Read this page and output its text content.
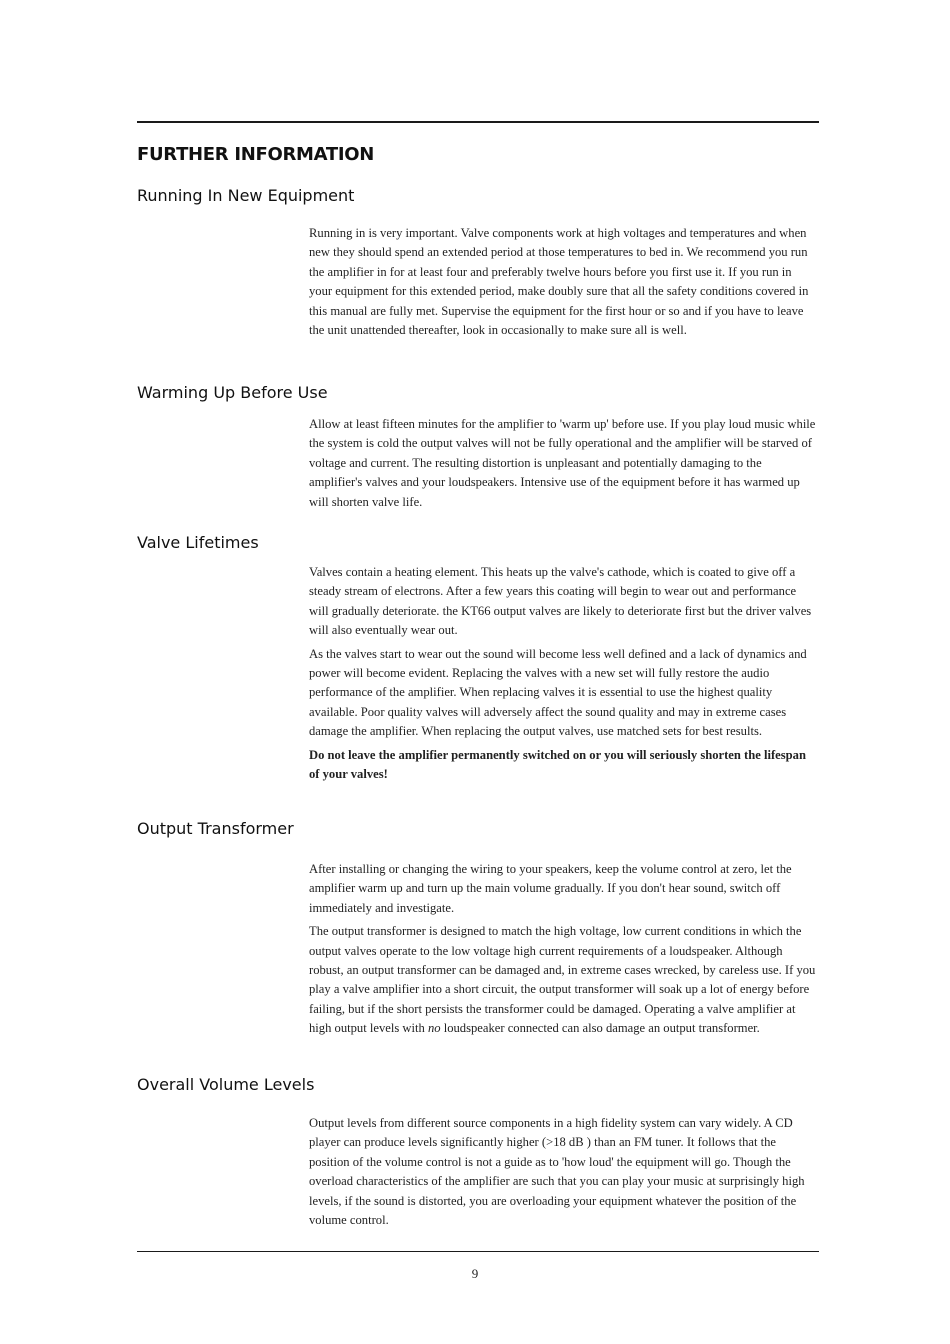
FURTHER INFORMATION
Running In New Equipment

Running in is very important. Valve components work at high voltages and temperatures and when new they should spend an extended period at those temperatures to bed in. We recommend you run the amplifier in for at least four and preferably twelve hours before you first use it. If you run in your equipment for this extended period, make doubly sure that all the safety conditions covered in this manual are fully met. Supervise the equipment for the first hour or so and if you have to leave the unit unattended thereafter, look in occasionally to make sure all is well.

Warming Up Before Use

Allow at least fifteen minutes for the amplifier to 'warm up' before use. If you play loud music while the system is cold the output valves will not be fully operational and the amplifier will be starved of voltage and current. The resulting distortion is unpleasant and potentially damaging to the amplifier's valves and your loudspeakers. Intensive use of the equipment before it has warmed up will shorten valve life.

Valve Lifetimes

Valves contain a heating element. This heats up the valve's cathode, which is coated to give off a steady stream of electrons. After a few years this coating will begin to wear out and performance will gradually deteriorate. the KT66 output valves are likely to deteriorate first but the driver valves will also eventually wear out.

As the valves start to wear out the sound will become less well defined and a lack of dynamics and power will become evident. Replacing the valves with a new set will fully restore the audio performance of the amplifier. When replacing valves it is essential to use the highest quality available. Poor quality valves will adversely affect the sound quality and may in extreme cases damage the amplifier. When replacing the output valves, use matched sets for best results.

Do not leave the amplifier permanently switched on or you will seriously shorten the lifespan of your valves!

Output Transformer

After installing or changing the wiring to your speakers, keep the volume control at zero, let the amplifier warm up and turn up the main volume gradually. If you don't hear sound, switch off immediately and investigate.

The output transformer is designed to match the high voltage, low current conditions in which the output valves operate to the low voltage high current requirements of a loudspeaker. Although robust, an output transformer can be damaged and, in extreme cases wrecked, by careless use. If you play a valve amplifier into a short circuit, the output transformer will soak up a lot of energy before failing, but if the short persists the transformer could be damaged. Operating a valve amplifier at high output levels with no loudspeaker connected can also damage an output transformer.

Overall Volume Levels

Output levels from different source components in a high fidelity system can vary widely. A CD player can produce levels significantly higher (>18 dB ) than an FM tuner. It follows that the position of the volume control is not a guide as to 'how loud' the equipment will go. Though the overload characteristics of the amplifier are such that you can play your music at surprisingly high levels, if the sound is distorted, you are overloading your equipment whatever the position of the volume control.

9
